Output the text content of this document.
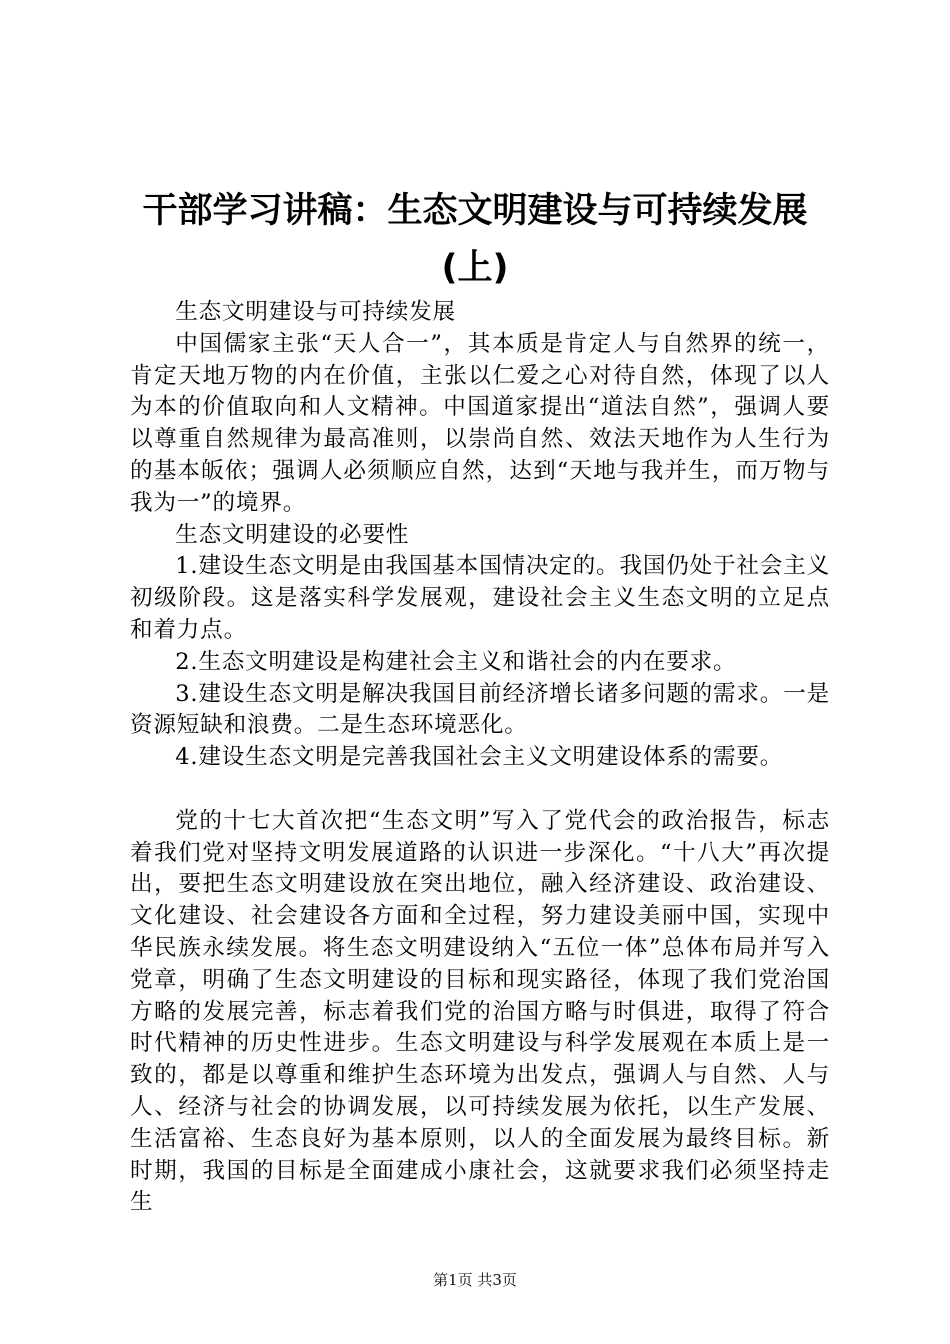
干部学习讲稿：生态文明建设与可持续发展
(上)

生态文明建设与可持续发展

中国儒家主张“天人合一”，其本质是肯定人与自然界的统一，肯定天地万物的内在价值，主张以仁爱之心对待自然，体现了以人为本的价值取向和人文精神。中国道家提出“道法自然”，强调人要以尊重自然规律为最高准则，以崇尚自然、效法天地作为人生行为的基本皈依；强调人必须顺应自然，达到“天地与我并生，而万物与我为一”的境界。

生态文明建设的必要性

1.建设生态文明是由我国基本国情决定的。我国仍处于社会主义初级阶段。这是落实科学发展观，建设社会主义生态文明的立足点和着力点。

2.生态文明建设是构建社会主义和谐社会的内在要求。

3.建设生态文明是解决我国目前经济增长诸多问题的需求。一是资源短缺和浪费。二是生态环境恶化。

4.建设生态文明是完善我国社会主义文明建设体系的需要。

党的十七大首次把“生态文明”写入了党代会的政治报告，标志着我们党对坚持文明发展道路的认识进一步深化。“十八大”再次提出，要把生态文明建设放在突出地位，融入经济建设、政治建设、文化建设、社会建设各方面和全过程，努力建设美丽中国，实现中华民族永续发展。将生态文明建设纳入“五位一体”总体布局并写入党章，明确了生态文明建设的目标和现实路径，体现了我们党治国方略的发展完善，标志着我们党的治国方略与时俱进，取得了符合时代精神的历史性进步。生态文明建设与科学发展观在本质上是一致的，都是以尊重和维护生态环境为出发点，强调人与自然、人与人、经济与社会的协调发展，以可持续发展为依托，以生产发展、生活富裕、生态良好为基本原则，以人的全面发展为最终目标。新时期，我国的目标是全面建成小康社会，这就要求我们必须坚持走生

第1页 共3页
